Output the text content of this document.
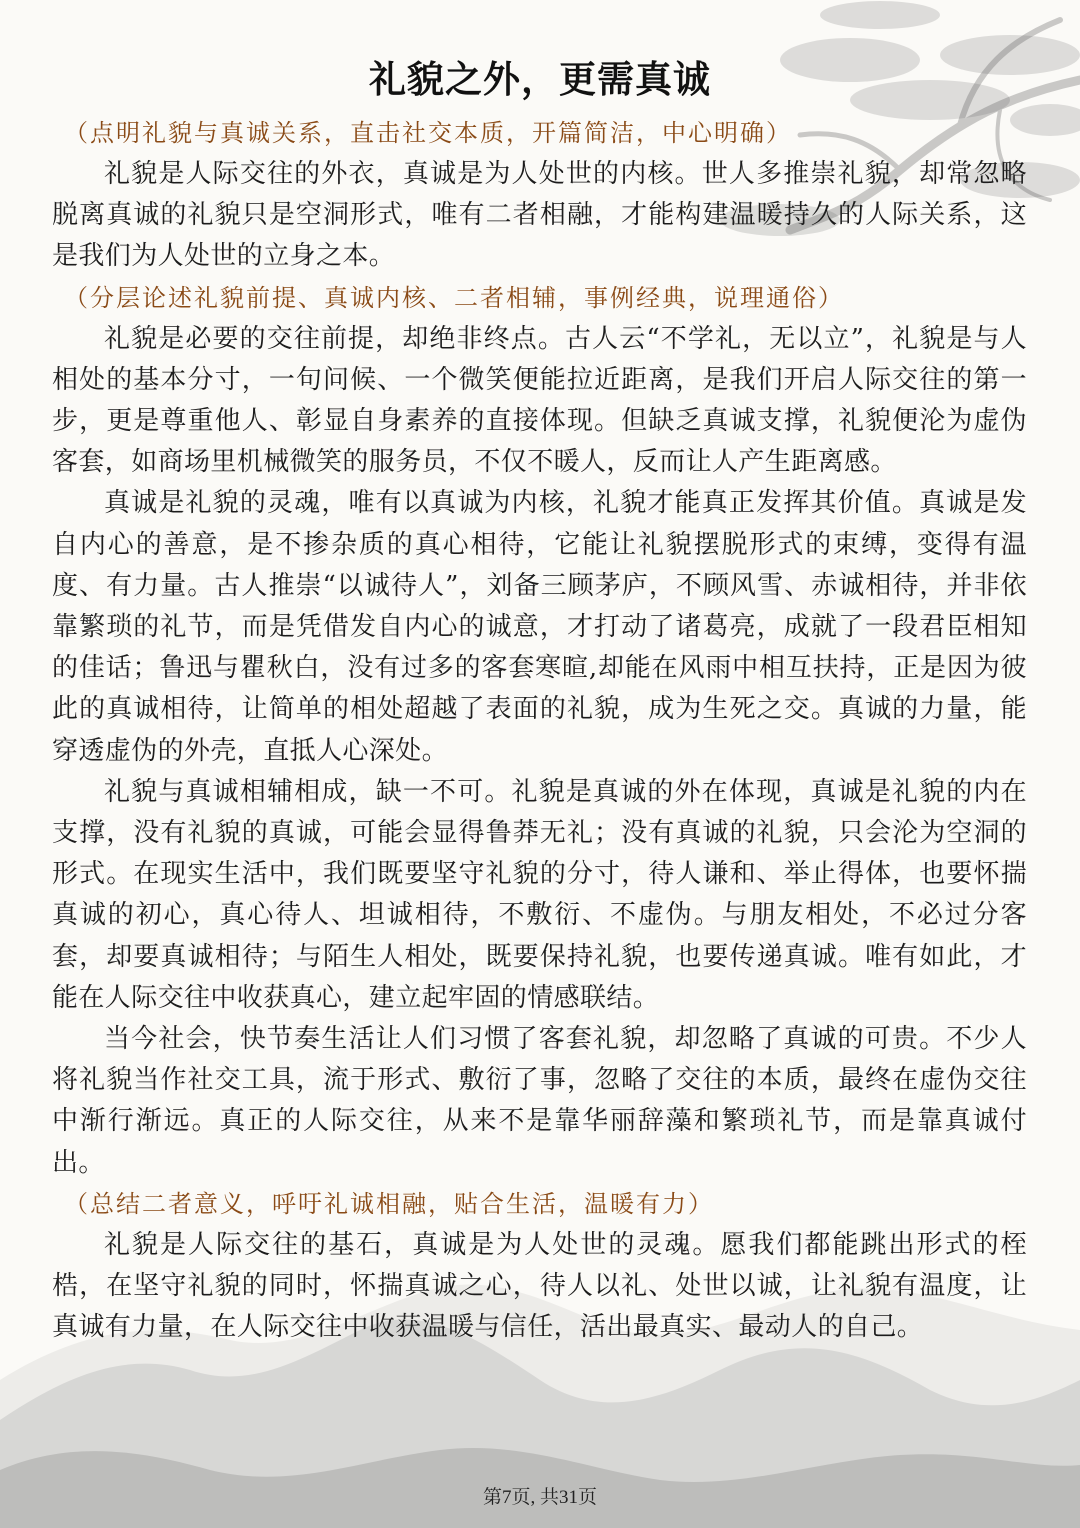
礼貌之外，更需真诚
（点明礼貌与真诚关系，直击社交本质，开篇简洁，中心明确）

礼貌是人际交往的外衣，真诚是为人处世的内核。世人多推崇礼貌，却常忽略脱离真诚的礼貌只是空洞形式，唯有二者相融，才能构建温暖持久的人际关系，这是我们为人处世的立身之本。

（分层论述礼貌前提、真诚内核、二者相辅，事例经典，说理通俗）

礼貌是必要的交往前提，却绝非终点。古人云“不学礼，无以立”，礼貌是与人相处的基本分寸，一句问候、一个微笑便能拉近距离，是我们开启人际交往的第一步，更是尊重他人、彰显自身素养的直接体现。但缺乏真诚支撑，礼貌便沦为虚伪客套，如商场里机械微笑的服务员，不仅不暖人，反而让人产生距离感。

真诚是礼貌的灵魂，唯有以真诚为内核，礼貌才能真正发挥其价值。真诚是发自内心的善意，是不掺杂质的真心相待，它能让礼貌摆脱形式的束缚，变得有温度、有力量。古人推崇“以诚待人”，刘备三顾茅庐，不顾风雪、赤诚相待，并非依靠繁琐的礼节，而是凭借发自内心的诚意，才打动了诸葛亮，成就了一段君臣相知的佳话；鲁迅与瞿秋白，没有过多的客套寒暄,却能在风雨中相互扶持，正是因为彼此的真诚相待，让简单的相处超越了表面的礼貌，成为生死之交。真诚的力量，能穿透虚伪的外壳，直抵人心深处。

礼貌与真诚相辅相成，缺一不可。礼貌是真诚的外在体现，真诚是礼貌的内在支撑，没有礼貌的真诚，可能会显得鲁莽无礼；没有真诚的礼貌，只会沦为空洞的形式。在现实生活中，我们既要坚守礼貌的分寸，待人谦和、举止得体，也要怀揣真诚的初心，真心待人、坦诚相待，不敷衍、不虚伪。与朋友相处，不必过分客套，却要真诚相待；与陌生人相处，既要保持礼貌，也要传递真诚。唯有如此，才能在人际交往中收获真心，建立起牢固的情感联结。

当今社会，快节奏生活让人们习惯了客套礼貌，却忽略了真诚的可贵。不少人将礼貌当作社交工具，流于形式、敷衍了事，忽略了交往的本质，最终在虚伪交往中渐行渐远。真正的人际交往，从来不是靠华丽辞藻和繁琐礼节，而是靠真诚付出。

（总结二者意义，呼吁礼诚相融，贴合生活，温暖有力）

礼貌是人际交往的基石，真诚是为人处世的灵魂。愿我们都能跳出形式的桎梏，在坚守礼貌的同时，怀揣真诚之心，待人以礼、处世以诚，让礼貌有温度，让真诚有力量，在人际交往中收获温暖与信任，活出最真实、最动人的自己。

第7页, 共31页
